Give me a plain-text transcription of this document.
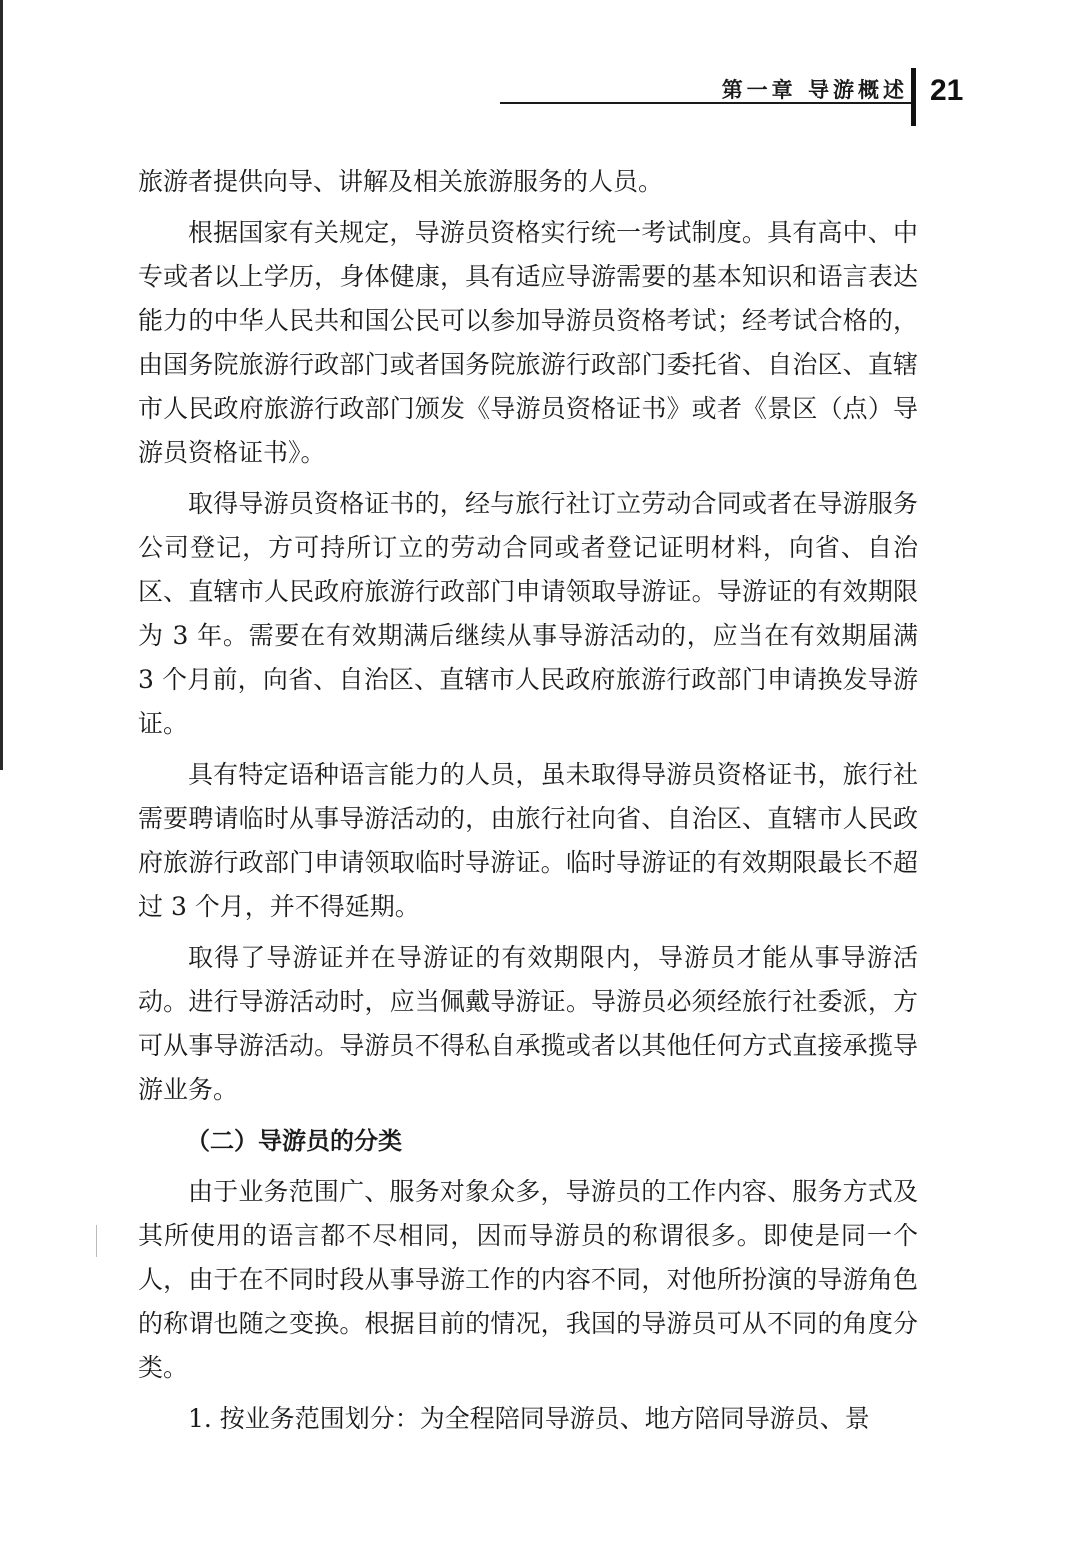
第一章 导游概述 21

旅游者提供向导、讲解及相关旅游服务的人员。

根据国家有关规定，导游员资格实行统一考试制度。具有高中、中专或者以上学历，身体健康，具有适应导游需要的基本知识和语言表达能力的中华人民共和国公民可以参加导游员资格考试；经考试合格的，由国务院旅游行政部门或者国务院旅游行政部门委托省、自治区、直辖市人民政府旅游行政部门颁发《导游员资格证书》或者《景区（点）导游员资格证书》。

取得导游员资格证书的，经与旅行社订立劳动合同或者在导游服务公司登记，方可持所订立的劳动合同或者登记证明材料，向省、自治区、直辖市人民政府旅游行政部门申请领取导游证。导游证的有效期限为 3 年。需要在有效期满后继续从事导游活动的，应当在有效期届满 3 个月前，向省、自治区、直辖市人民政府旅游行政部门申请换发导游证。

具有特定语种语言能力的人员，虽未取得导游员资格证书，旅行社需要聘请临时从事导游活动的，由旅行社向省、自治区、直辖市人民政府旅游行政部门申请领取临时导游证。临时导游证的有效期限最长不超过 3 个月，并不得延期。

取得了导游证并在导游证的有效期限内，导游员才能从事导游活动。进行导游活动时，应当佩戴导游证。导游员必须经旅行社委派，方可从事导游活动。导游员不得私自承揽或者以其他任何方式直接承揽导游业务。

（二）导游员的分类

由于业务范围广、服务对象众多，导游员的工作内容、服务方式及其所使用的语言都不尽相同，因而导游员的称谓很多。即使是同一个人，由于在不同时段从事导游工作的内容不同，对他所扮演的导游角色的称谓也随之变换。根据目前的情况，我国的导游员可从不同的角度分类。

1. 按业务范围划分：为全程陪同导游员、地方陪同导游员、景
